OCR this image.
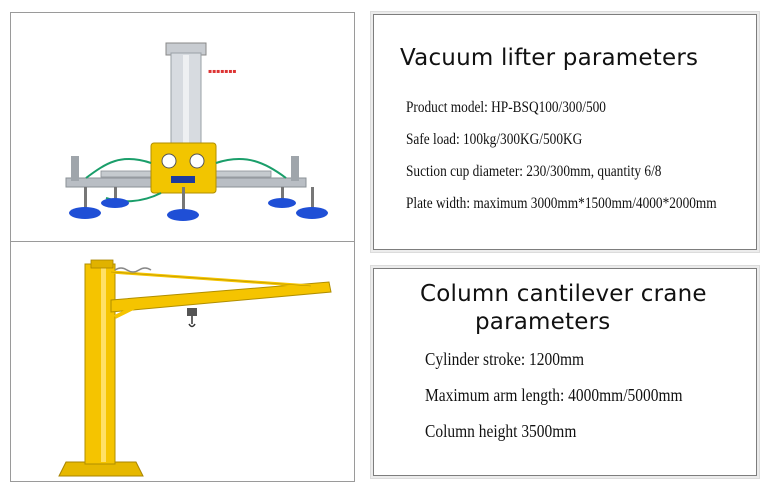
▪▪▪▪▪▪▪
Vacuum lifter parameters
Product model: HP-BSQ100/300/500
Safe load: 100kg/300KG/500KG
Suction cup diameter: 230/300mm, quantity 6/8
Plate width: maximum 3000mm*1500mm/4000*2000mm
Column cantilever crane
parameters
Cylinder stroke: 1200mm
Maximum arm length: 4000mm/5000mm
Column height 3500mm
